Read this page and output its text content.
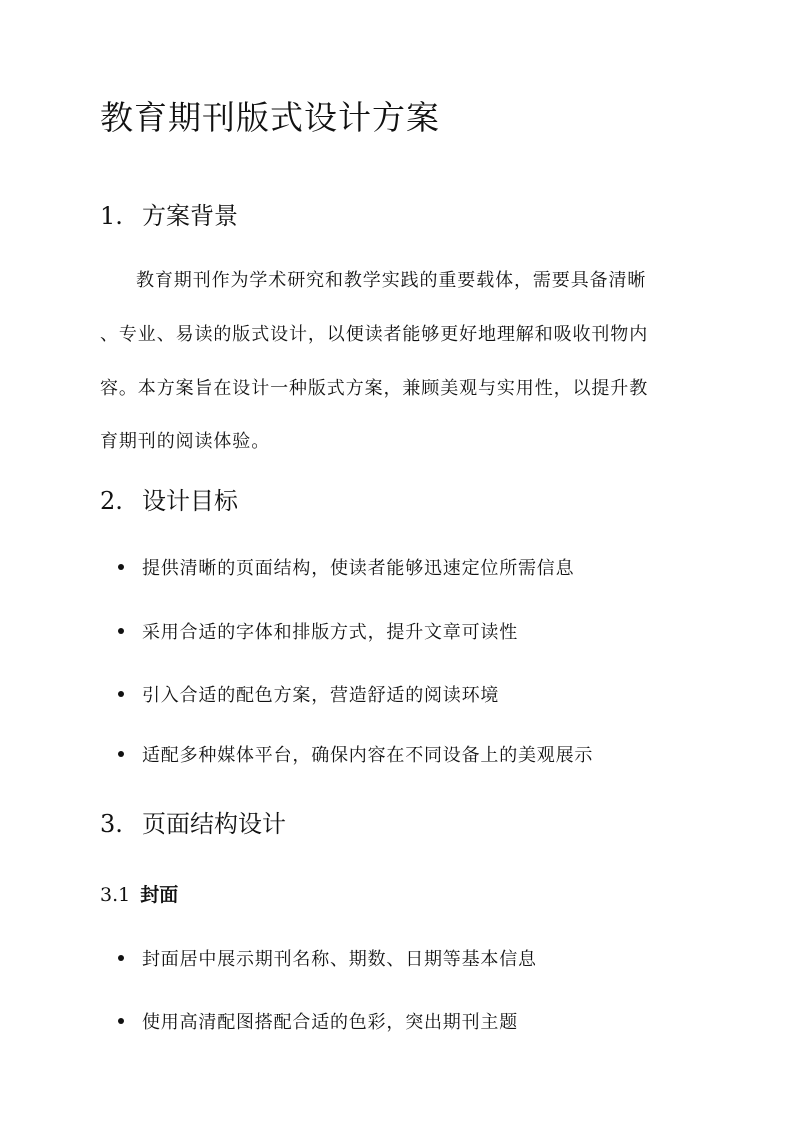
教育期刊版式设计方案
1. 方案背景
教育期刊作为学术研究和教学实践的重要载体，需要具备清晰
、专业、易读的版式设计，以便读者能够更好地理解和吸收刊物内
容。本方案旨在设计一种版式方案，兼顾美观与实用性，以提升教
育期刊的阅读体验。
2. 设计目标
提供清晰的页面结构，使读者能够迅速定位所需信息
采用合适的字体和排版方式，提升文章可读性
引入合适的配色方案，营造舒适的阅读环境
适配多种媒体平台，确保内容在不同设备上的美观展示
3. 页面结构设计
3.1 封面
封面居中展示期刊名称、期数、日期等基本信息
使用高清配图搭配合适的色彩，突出期刊主题
